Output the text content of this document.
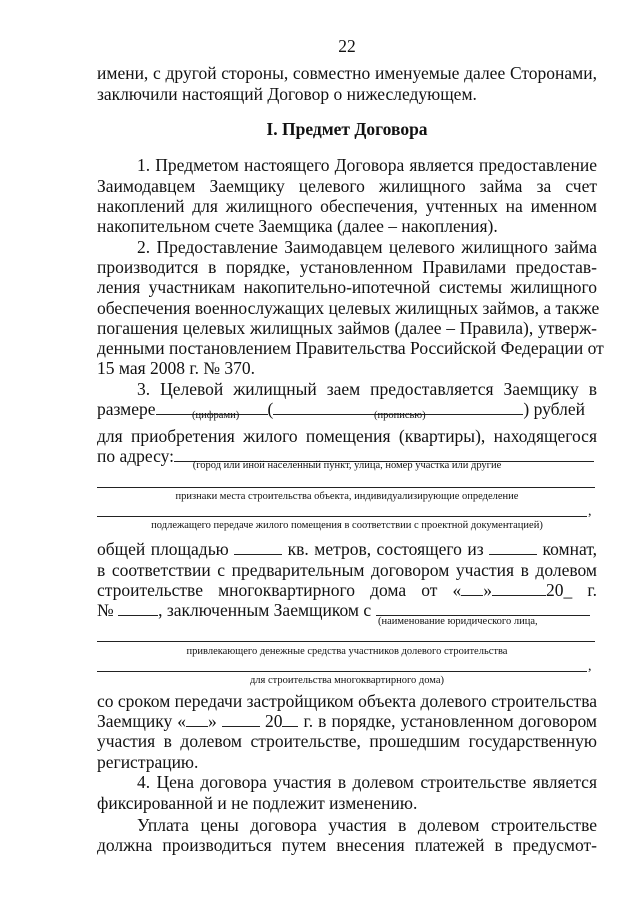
22
имени, с другой стороны, совместно именуемые далее Сторонами,
заключили настоящий Договор о нижеследующем.
I. Предмет Договора
1. Предметом настоящего Договора является предоставление
Заимодавцем Заемщику целевого жилищного займа за счет
накоплений для жилищного обеспечения, учтенных на именном
накопительном счете Заемщика (далее – накопления).
2. Предоставление Заимодавцем целевого жилищного займа
производится в порядке, установленном Правилами предостав-
ления участникам накопительно-ипотечной системы жилищного
обеспечения военнослужащих целевых жилищных займов, а также
погашения целевых жилищных займов (далее – Правила), утверж-
денными постановлением Правительства Российской Федерации от
15 мая 2008 г. № 370.
3. Целевой жилищный заем предоставляется Заемщику в
размере	(	) рублей
(цифрами)	(прописью)
для приобретения жилого помещения (квартиры), находящегося
по адресу:	(город или иной населенный пункт, улица, номер участка или другие
признаки места строительства объекта, индивидуализирующие определение
,
подлежащего передаче жилого помещения в соответствии с проектной документацией)
общей площадью	кв. метров, состоящего из	комнат,
в соответствии с предварительным договором участия в долевом
строительстве многоквартирного дома от « »	20_ г.
№	, заключенным Заемщиком с
(наименование юридического лица,
привлекающего денежные средства участников долевого строительства
,
для строительства многоквартирного дома)
со сроком передачи застройщиком объекта долевого строительства
Заемщику « »	20 г. в порядке, установленном договором
участия в долевом строительстве, прошедшим государственную
регистрацию.
4. Цена договора участия в долевом строительстве является
фиксированной и не подлежит изменению.
Уплата цены договора участия в долевом строительстве
должна производиться путем внесения платежей в предусмот-
